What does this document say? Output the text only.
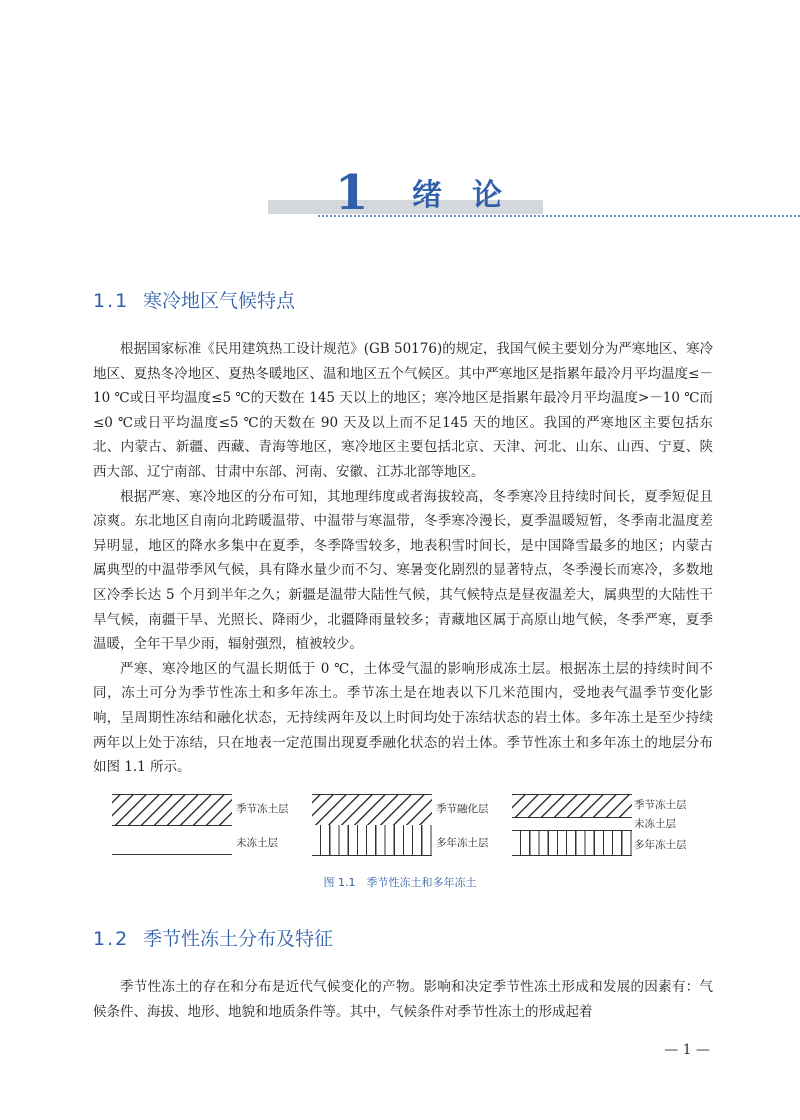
1 绪论
1.1 寒冷地区气候特点

根据国家标准《民用建筑热工设计规范》(GB 50176)的规定，我国气候主要划分为严寒地区、寒冷地区、夏热冬冷地区、夏热冬暖地区、温和地区五个气候区。其中严寒地区是指累年最冷月平均温度≤－10 ℃或日平均温度≤5 ℃的天数在 145 天以上的地区；寒冷地区是指累年最冷月平均温度>－10 ℃而≤0 ℃或日平均温度≤5 ℃的天数在 90 天及以上而不足145 天的地区。我国的严寒地区主要包括东北、内蒙古、新疆、西藏、青海等地区，寒冷地区主要包括北京、天津、河北、山东、山西、宁夏、陕西大部、辽宁南部、甘肃中东部、河南、安徽、江苏北部等地区。

根据严寒、寒冷地区的分布可知，其地理纬度或者海拔较高，冬季寒冷且持续时间长，夏季短促且凉爽。东北地区自南向北跨暖温带、中温带与寒温带，冬季寒冷漫长，夏季温暖短暂，冬季南北温度差异明显，地区的降水多集中在夏季，冬季降雪较多，地表积雪时间长，是中国降雪最多的地区；内蒙古属典型的中温带季风气候，具有降水量少而不匀、寒暑变化剧烈的显著特点，冬季漫长而寒冷，多数地区冷季长达 5 个月到半年之久；新疆是温带大陆性气候，其气候特点是昼夜温差大，属典型的大陆性干旱气候，南疆干旱、光照长、降雨少，北疆降雨量较多；青藏地区属于高原山地气候，冬季严寒，夏季温暖，全年干旱少雨，辐射强烈，植被较少。

严寒、寒冷地区的气温长期低于 0 ℃，土体受气温的影响形成冻土层。根据冻土层的持续时间不同，冻土可分为季节性冻土和多年冻土。季节冻土是在地表以下几米范围内，受地表气温季节变化影响，呈周期性冻结和融化状态，无持续两年及以上时间均处于冻结状态的岩土体。多年冻土是至少持续两年以上处于冻结，只在地表一定范围出现夏季融化状态的岩土体。季节性冻土和多年冻土的地层分布如图 1.1 所示。

季节冻土层
未冻土层
季节融化层
多年冻土层
季节冻土层
未冻土层
多年冻土层
图 1.1　季节性冻土和多年冻土
1.2 季节性冻土分布及特征

季节性冻土的存在和分布是近代气候变化的产物。影响和决定季节性冻土形成和发展的因素有：气候条件、海拔、地形、地貌和地质条件等。其中，气候条件对季节性冻土的形成起着

— 1 —
